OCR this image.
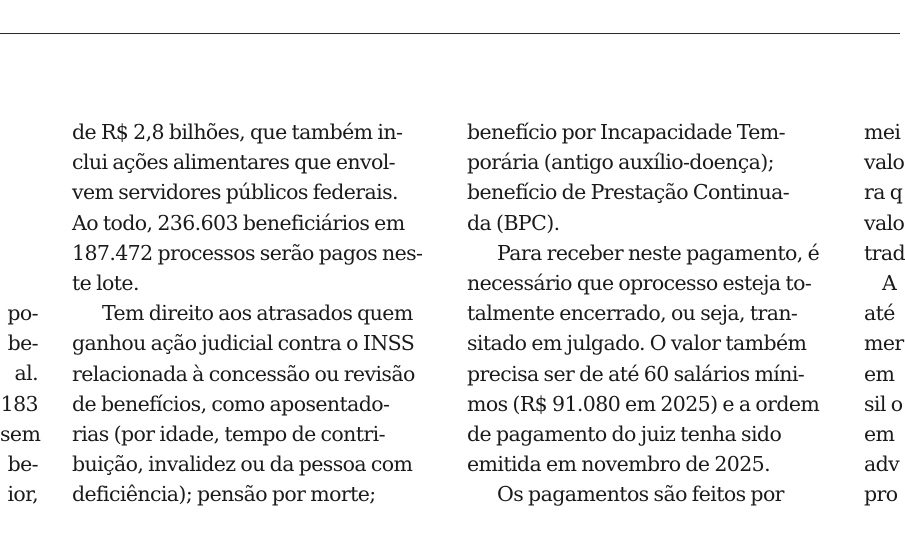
po-
be-
al.
183
sem
be-
ior,
de R$ 2,8 bilhões, que também in-
clui ações alimentares que envol-
vem servidores públicos federais.
Ao todo, 236.603 beneficiários em
187.472 processos serão pagos nes-
te lote.
Tem direito aos atrasados quem
ganhou ação judicial contra o INSS
relacionada à concessão ou revisão
de benefícios, como aposentado-
rias (por idade, tempo de contri-
buição, invalidez ou da pessoa com
deficiência); pensão por morte;
benefício por Incapacidade Tem-
porária (antigo auxílio-doença);
benefício de Prestação Continua-
da (BPC).
Para receber neste pagamento, é
necessário que oprocesso esteja to-
talmente encerrado, ou seja, tran-
sitado em julgado. O valor também
precisa ser de até 60 salários míni-
mos (R$ 91.080 em 2025) e a ordem
de pagamento do juiz tenha sido
emitida em novembro de 2025.
Os pagamentos são feitos por
mei
valo
ra q
valo
trad
A
até
mer
em
sil o
em
adv
pro
